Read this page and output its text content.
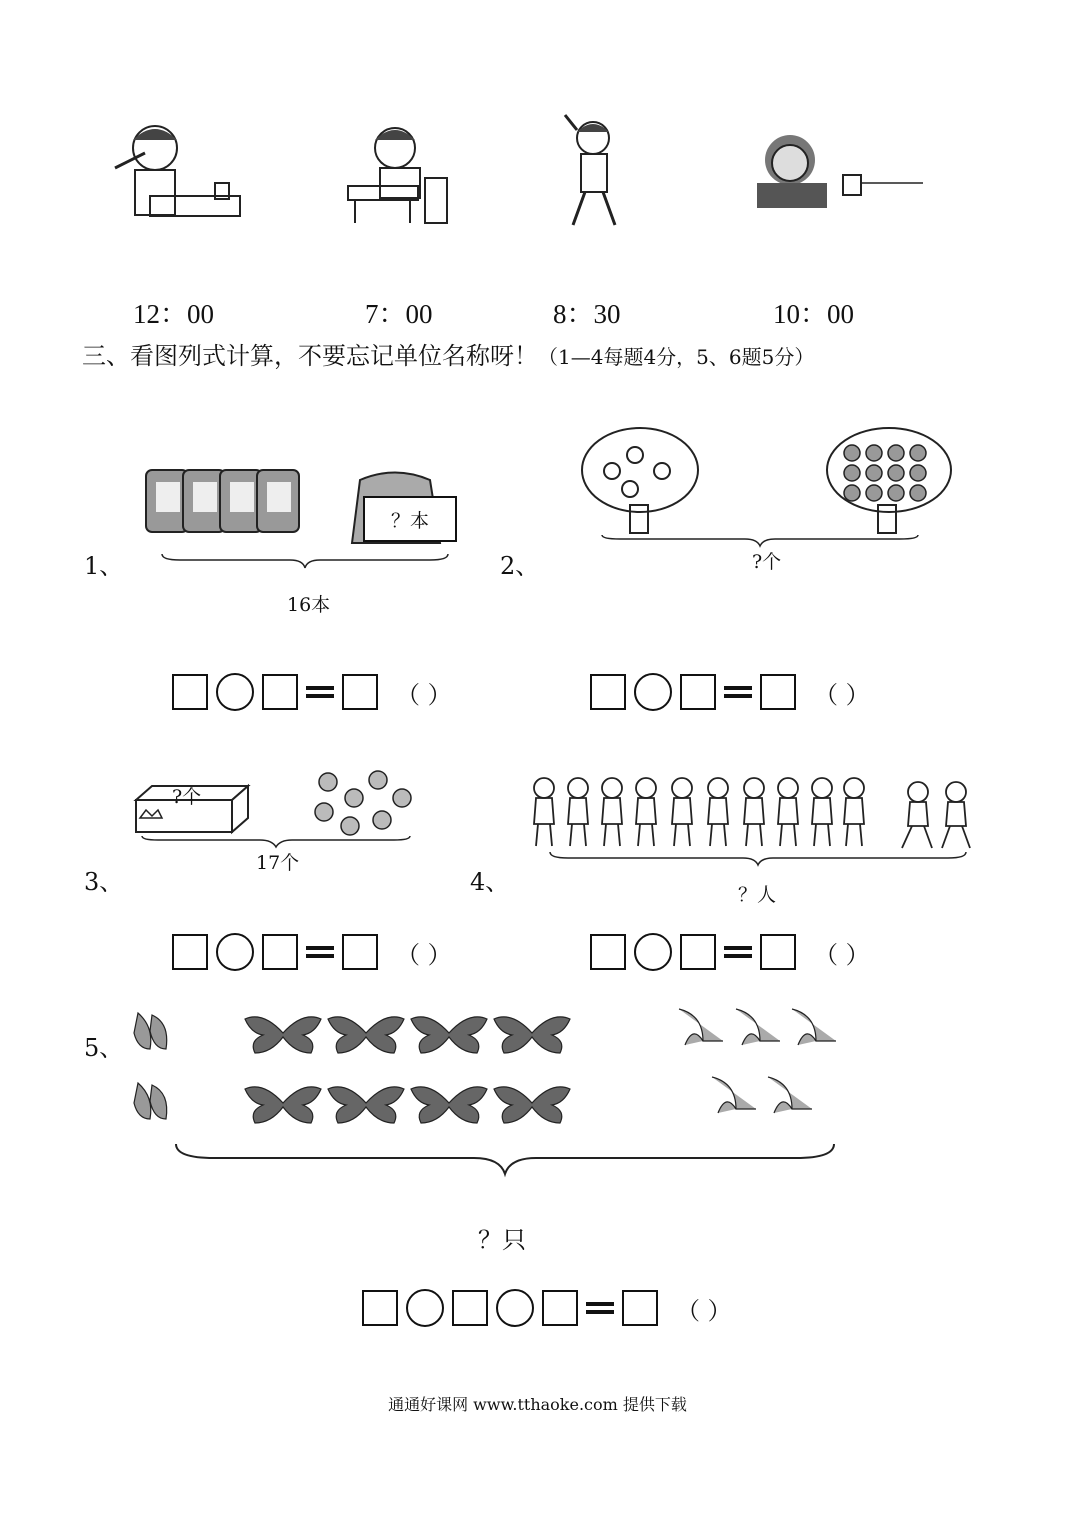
12：00	7：00	8：30	10：00
三、看图列式计算，不要忘记单位名称呀！（1—4每题4分，5、6题5分）
1、
？本
16本
（ ）
2、	?个
（ ）
3、
?个
17个
（ ）
4、	？人
（ ）
5、
？只
（ ）
通通好课网 www.tthaoke.com 提供下载
